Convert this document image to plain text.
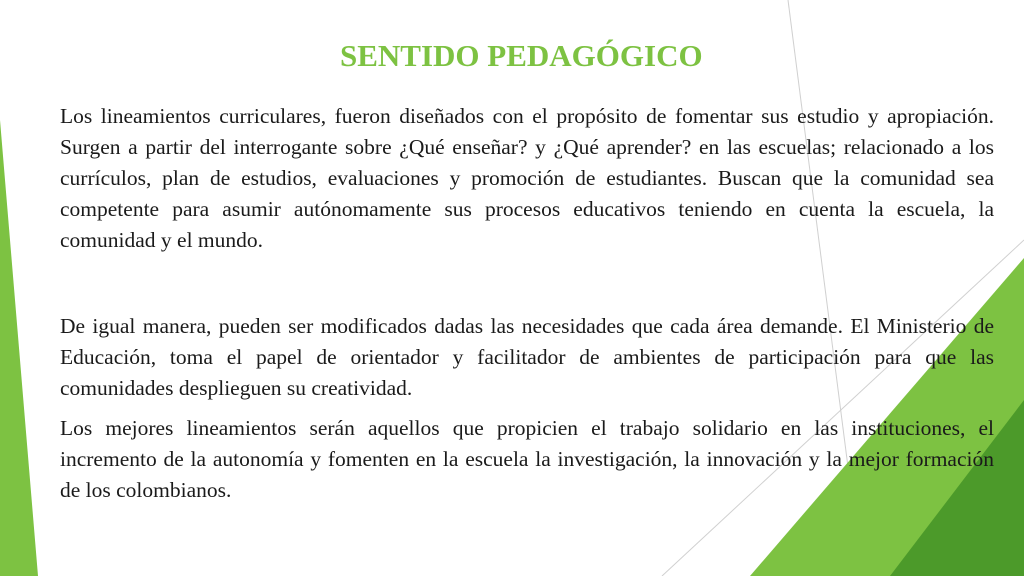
SENTIDO PEDAGÓGICO

Los lineamientos curriculares, fueron diseñados con el propósito de fomentar sus estudio y apropiación. Surgen a partir del interrogante sobre ¿Qué enseñar? y ¿Qué aprender? en las escuelas; relacionado a los currículos, plan de estudios, evaluaciones y promoción de estudiantes. Buscan que la comunidad sea competente para asumir autónomamente sus procesos educativos teniendo en cuenta la escuela, la comunidad y el mundo.

De igual manera, pueden ser modificados dadas las necesidades que cada área demande. El Ministerio de Educación, toma el papel de orientador y facilitador de ambientes de participación para que las comunidades desplieguen su creatividad.

Los mejores lineamientos serán aquellos que propicien el trabajo solidario en las instituciones, el incremento de la autonomía y fomenten en la escuela la investigación, la innovación y la mejor formación de los colombianos.
